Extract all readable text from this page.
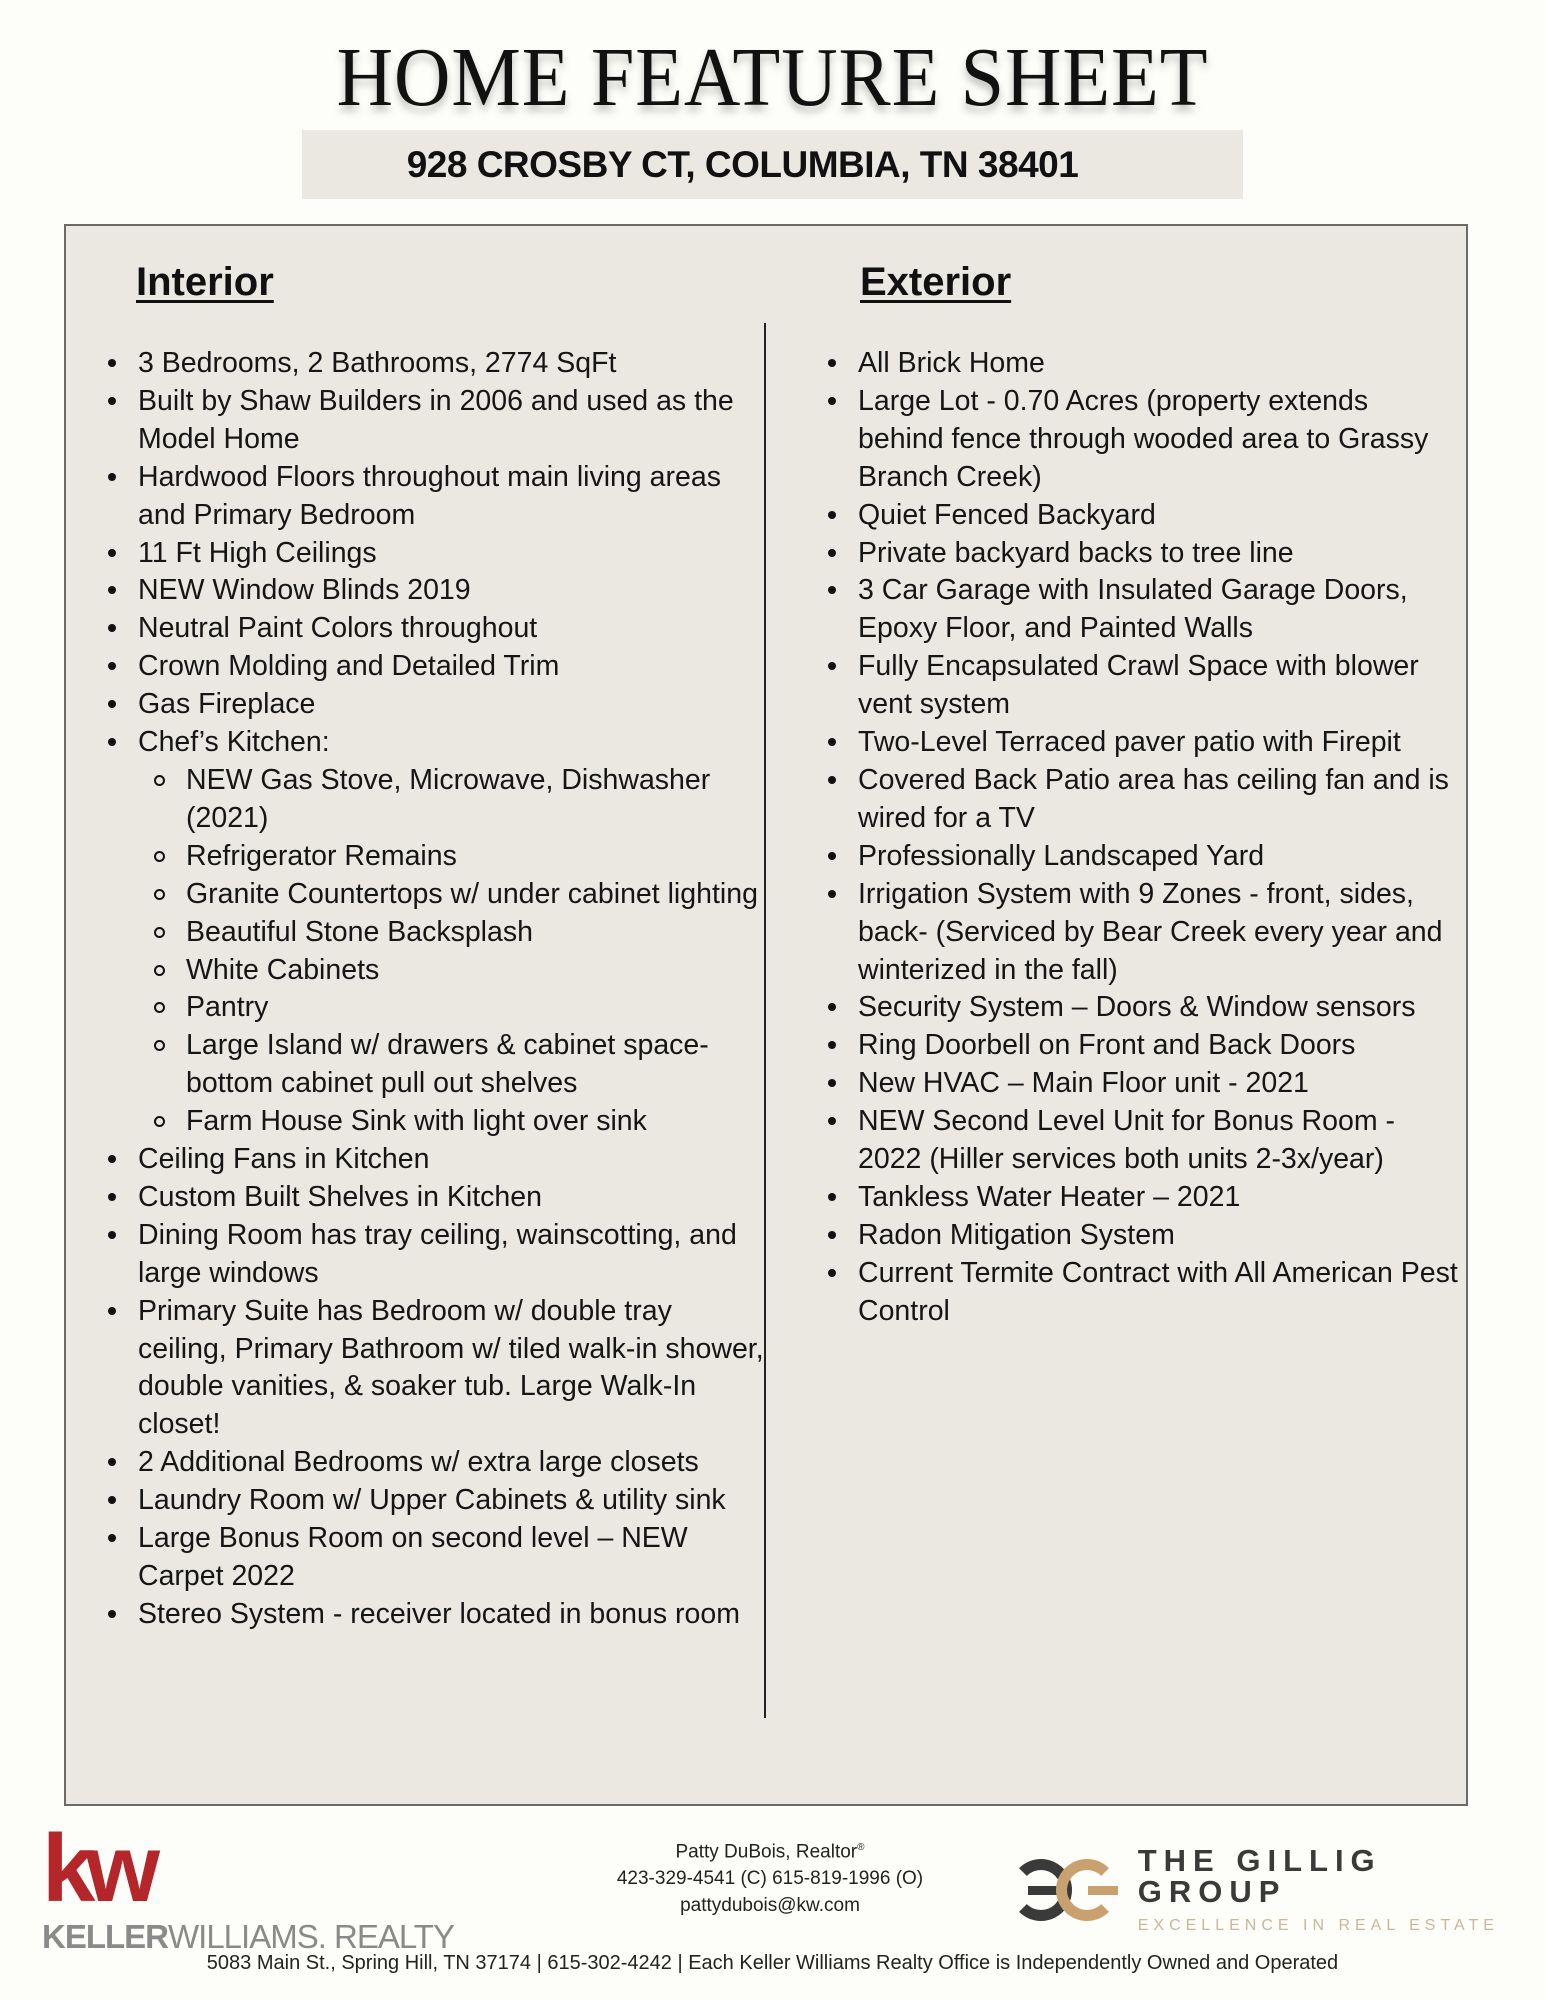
HOME FEATURE SHEET
928 CROSBY CT, COLUMBIA, TN 38401
Interior	Exterior
3 Bedrooms, 2 Bathrooms, 2774 SqFt
Built by Shaw Builders in 2006 and used as the Model Home
Hardwood Floors throughout main living areas and Primary Bedroom
11 Ft High Ceilings
NEW Window Blinds 2019
Neutral Paint Colors throughout
Crown Molding and Detailed Trim
Gas Fireplace
Chef’s Kitchen:
NEW Gas Stove, Microwave, Dishwasher (2021)
Refrigerator Remains
Granite Countertops w/ under cabinet lighting
Beautiful Stone Backsplash
White Cabinets
Pantry
Large Island w/ drawers & cabinet space- bottom cabinet pull out shelves
Farm House Sink with light over sink
Ceiling Fans in Kitchen
Custom Built Shelves in Kitchen
Dining Room has tray ceiling, wainscotting, and large windows
Primary Suite has Bedroom w/ double tray ceiling, Primary Bathroom w/ tiled walk-in shower, double vanities, & soaker tub. Large Walk-In closet!
2 Additional Bedrooms w/ extra large closets
Laundry Room w/ Upper Cabinets & utility sink
Large Bonus Room on second level – NEW Carpet 2022
Stereo System - receiver located in bonus room
All Brick Home
Large Lot - 0.70 Acres (property extends behind fence through wooded area to Grassy Branch Creek)
Quiet Fenced Backyard
Private backyard backs to tree line
3 Car Garage with Insulated Garage Doors, Epoxy Floor, and Painted Walls
Fully Encapsulated Crawl Space with blower vent system
Two-Level Terraced paver patio with Firepit
Covered Back Patio area has ceiling fan and is wired for a TV
Professionally Landscaped Yard
Irrigation System with 9 Zones - front, sides, back- (Serviced by Bear Creek every year and winterized in the fall)
Security System – Doors & Window sensors
Ring Doorbell on Front and Back Doors
New HVAC – Main Floor unit - 2021
NEW Second Level Unit for Bonus Room - 2022 (Hiller services both units 2-3x/year)
Tankless Water Heater – 2021
Radon Mitigation System
Current Termite Contract with All American Pest Control
kw
KELLERWILLIAMS. REALTY
Patty DuBois, Realtor®
423-329-4541 (C) 615-819-1996 (O)
pattydubois@kw.com
THE GILLIG GROUP
EXCELLENCE IN REAL ESTATE
5083 Main St., Spring Hill, TN 37174 | 615-302-4242 | Each Keller Williams Realty Office is Independently Owned and Operated
